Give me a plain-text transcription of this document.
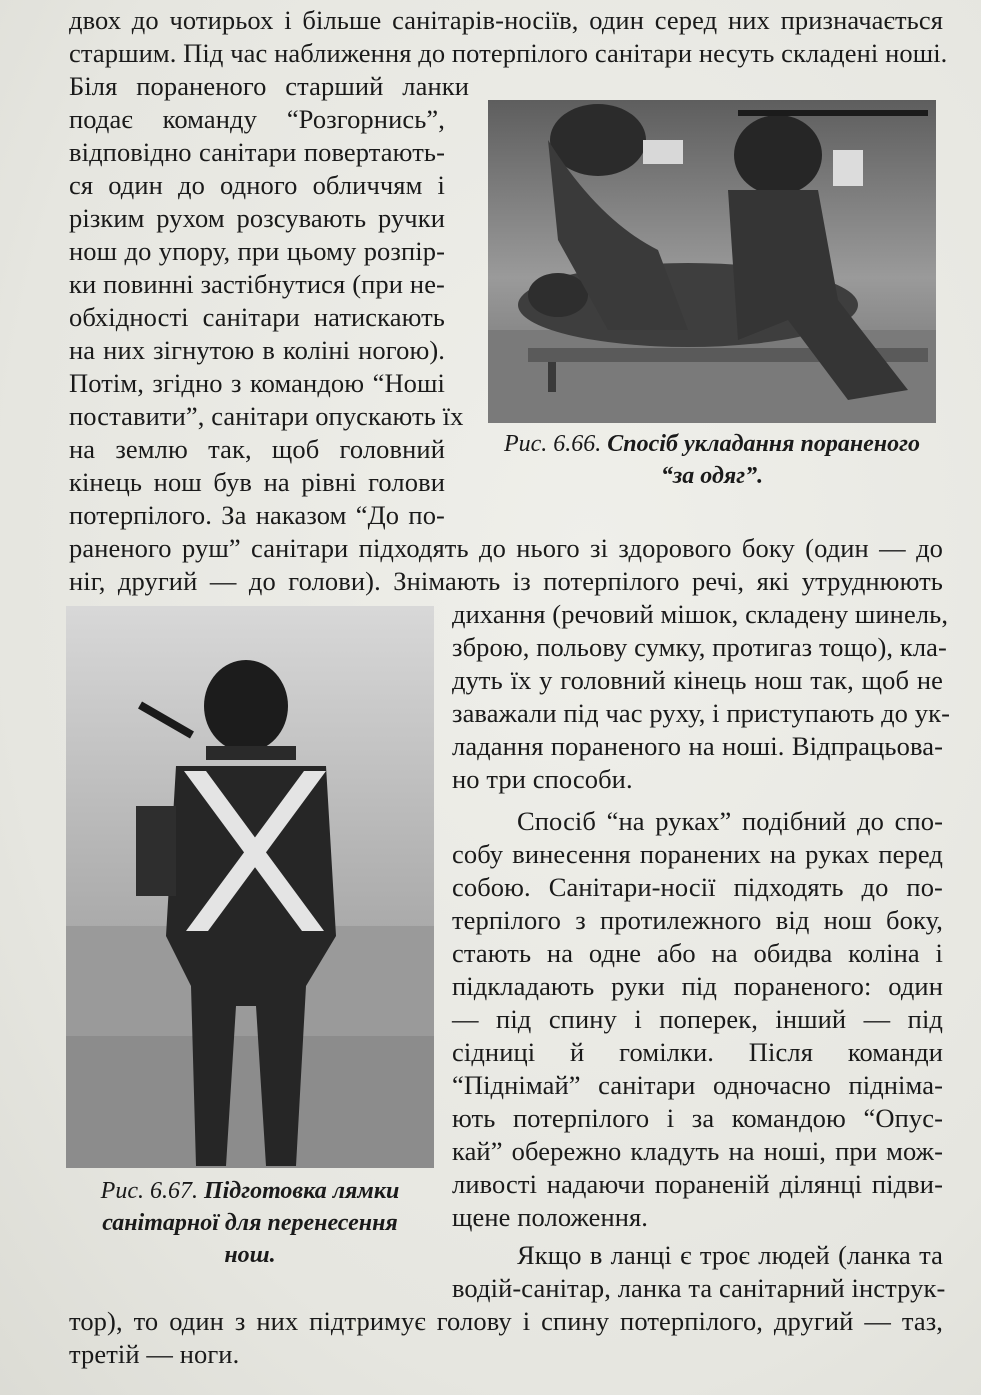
двох до чотирьох і більше санітарів-носіїв, один серед них призначається
старшим. Під час наближення до потерпілого санітари несуть складені ноші.
Біля пораненого старший ланки
подає команду “Розгорнись”,
відповідно санітари повертають-
ся один до одного обличчям і
різким рухом розсувають ручки
нош до упору, при цьому розпір-
ки повинні застібнутися (при не-
обхідності санітари натискають
на них зігнутою в коліні ногою).
Потім, згідно з командою “Ноші
поставити”, санітари опускають їх
на землю так, щоб головний
кінець нош був на рівні голови
потерпілого. За наказом “До по-
раненого руш” санітари підходять до нього зі здорового боку (один — до
ніг, другий — до голови). Знімають із потерпілого речі, які утруднюють
дихання (речовий мішок, складену шинель,
зброю, польову сумку, протигаз тощо), кла-
дуть їх у головний кінець нош так, щоб не
заважали під час руху, і приступають до ук-
ладання пораненого на ноші. Відпрацьова-
но три способи.
Спосіб “на руках” подібний до спо-
собу винесення поранених на руках перед
собою. Санітари-носії підходять до по-
терпілого з протилежного від нош боку,
стають на одне або на обидва коліна і
підкладають руки під пораненого: один
— під спину і поперек, інший — під
сідниці й гомілки. Після команди
“Піднімай” санітари одночасно підніма-
ють потерпілого і за командою “Опус-
кай” обережно кладуть на ноші, при мож-
ливості надаючи пораненій ділянці підви-
щене положення.
Якщо в ланці є троє людей (ланка та
водій-санітар, ланка та санітарний інструк-
тор), то один з них підтримує голову і спину потерпілого, другий — таз,
третій — ноги.
Рис. 6.66. Спосіб укладання пораненого
“за одяг”.
Рис. 6.67. Підготовка лямки
санітарної для перенесення
нош.
